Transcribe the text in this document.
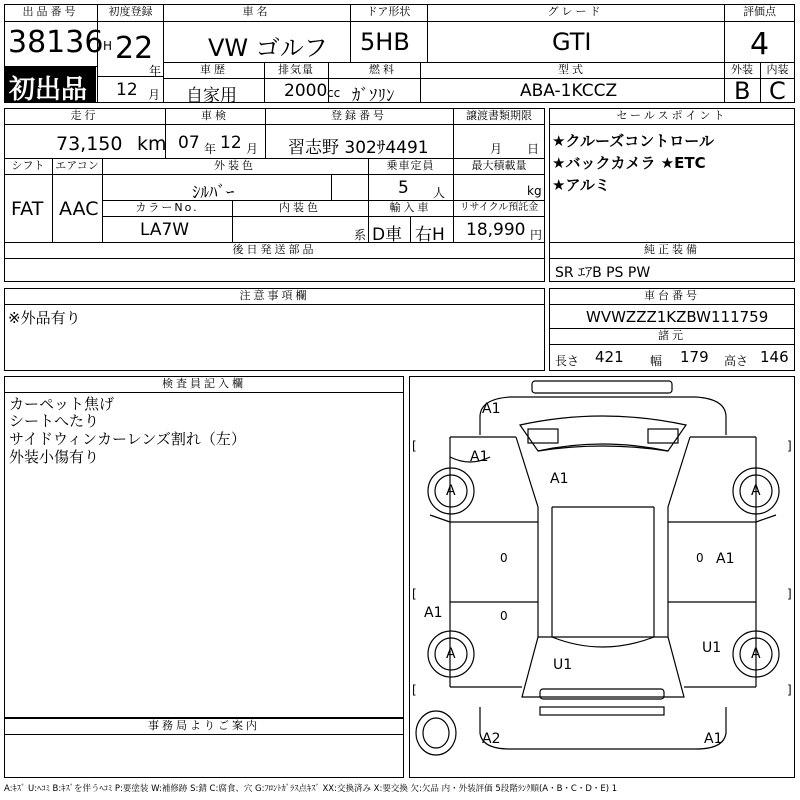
出品番号
38136
初出品
初度登録
H 22
年
12 月
車名
VW ゴルフ
ドア形状
5HB
グレード
GTI
評価点
4
車歴
自家用
排気量
2000 cc
燃料
ｶﾞｿﾘﾝ
型式
ABA-1KCCZ
外装	内装
B C
走行
73,150 km
車検
07 年 12 月
登録番号
習志野 302ｻ4491
譲渡書類期限
月 日
シフト
FAT
エアコン
AAC
外装色
ｼﾙﾊﾞｰ
乗車定員
5 人
最大積載量
kg
カラーNo.
LA7W
内装色
系
輸入車
D車 右H
リサイクル預託金
18,990 円
後日発送部品
セールスポイント
★クルーズコントロール
★バックカメラ ★ETC
★アルミ
純正装備
SR ｴｱB PS PW
注意事項欄
※外品有り
車台番号
WVWZZZ1KZBW111759
諸元
長さ 421 幅 179 高さ 146
検査員記入欄
カーペット焦げ
シートへたり
サイドウィンカーレンズ割れ（左）
外装小傷有り
事務局よりご案内
[	]
[	]
[	]
A1
A1
A1
A	A
A	A
0	0
0
A1
A1
U1
U1
A2	A1
A:ｷｽﾞ U:ﾍｺﾐ B:ｷｽﾞを伴うﾍｺﾐ P:要塗装 W:補修跡 S:錆 C:腐食、穴 G:ﾌﾛﾝﾄｶﾞﾗｽ点ｷｽﾞ XX:交換済み X:要交換 欠:欠品 内・外装評価 5段階ﾗﾝｸ順(A・B・C・D・E) 1
